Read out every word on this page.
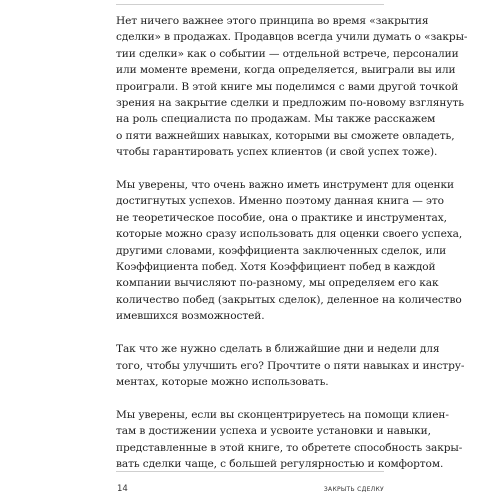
Нет ничего важнее этого принципа во время «закрытия
сделки» в продажах. Продавцов всегда учили думать о «закры-
тии сделки» как о событии — отдельной встрече, персоналии
или моменте времени, когда определяется, выиграли вы или
проиграли. В этой книге мы поделимся с вами другой точкой
зрения на закрытие сделки и предложим по-новому взглянуть
на роль специалиста по продажам. Мы также расскажем
о пяти важнейших навыках, которыми вы сможете овладеть,
чтобы гарантировать успех клиентов (и свой успех тоже).

Мы уверены, что очень важно иметь инструмент для оценки
достигнутых успехов. Именно поэтому данная книга — это
не теоретическое пособие, она о практике и инструментах,
которые можно сразу использовать для оценки своего успеха,
другими словами, коэффициента заключенных сделок, или
Коэффициента побед. Хотя Коэффициент побед в каждой
компании вычисляют по-разному, мы определяем его как
количество побед (закрытых сделок), деленное на количество
имевшихся возможностей.

Так что же нужно сделать в ближайшие дни и недели для
того, чтобы улучшить его? Прочтите о пяти навыках и инстру-
ментах, которые можно использовать.

Мы уверены, если вы сконцентрируетесь на помощи клиен-
там в достижении успеха и усвоите установки и навыки,
представленные в этой книге, то обретете способность закры-
вать сделки чаще, с большей регулярностью и комфортом.

14	ЗАКРЫТЬ СДЕЛКУ
